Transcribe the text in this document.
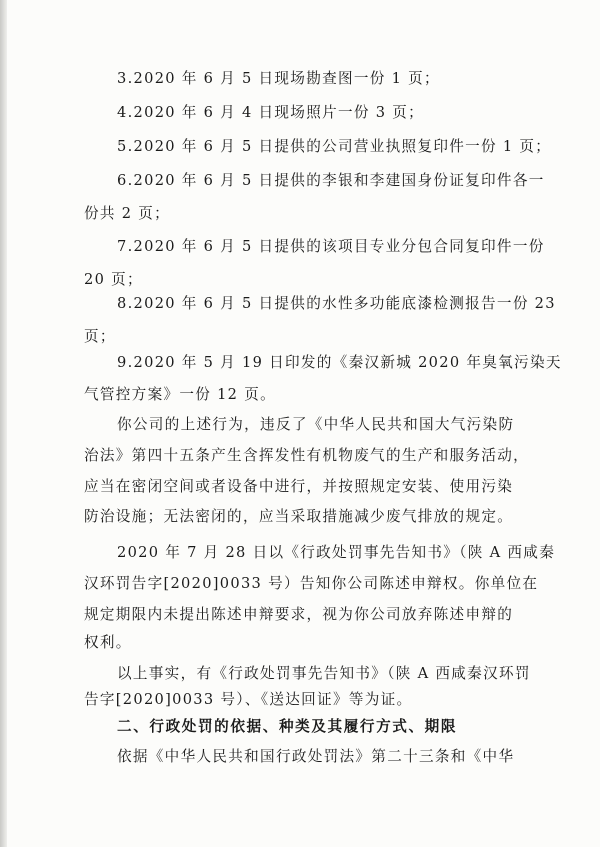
3.2020 年 6 月 5 日现场勘查图一份 1 页；

4.2020 年 6 月 4 日现场照片一份 3 页；

5.2020 年 6 月 5 日提供的公司营业执照复印件一份 1 页；

6.2020 年 6 月 5 日提供的李银和李建国身份证复印件各一

份共 2 页；

7.2020 年 6 月 5 日提供的该项目专业分包合同复印件一份

20 页；

8.2020 年 6 月 5 日提供的水性多功能底漆检测报告一份 23

页；

9.2020 年 5 月 19 日印发的《秦汉新城 2020 年臭氧污染天

气管控方案》一份 12 页。

你公司的上述行为，违反了《中华人民共和国大气污染防

治法》第四十五条产生含挥发性有机物废气的生产和服务活动，

应当在密闭空间或者设备中进行，并按照规定安装、使用污染

防治设施；无法密闭的，应当采取措施减少废气排放的规定。

2020 年 7 月 28 日以《行政处罚事先告知书》（陕 A 西咸秦

汉环罚告字[2020]0033 号）告知你公司陈述申辩权。你单位在

规定期限内未提出陈述申辩要求，视为你公司放弃陈述申辩的

权利。

以上事实，有《行政处罚事先告知书》（陕 A 西咸秦汉环罚

告字[2020]0033 号）、《送达回证》等为证。

二、行政处罚的依据、种类及其履行方式、期限

依据《中华人民共和国行政处罚法》第二十三条和《中华
